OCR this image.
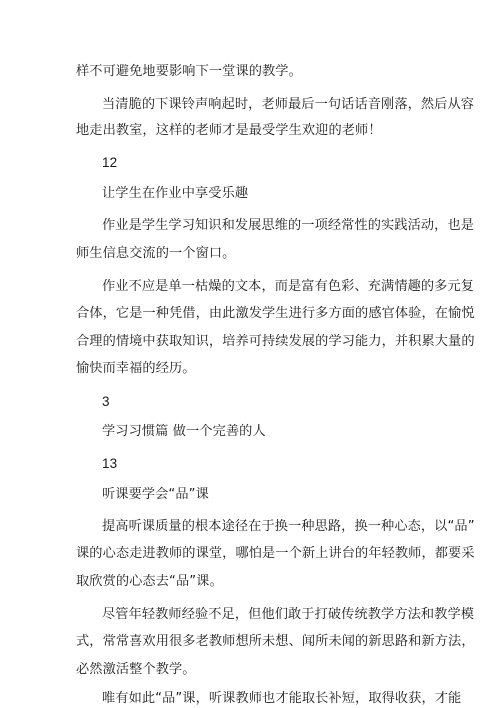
样不可避免地要影响下一堂课的教学。
当清脆的下课铃声响起时，老师最后一句话话音刚落，然后从容
地走出教室，这样的老师才是最受学生欢迎的老师！
12
让学生在作业中享受乐趣
作业是学生学习知识和发展思维的一项经常性的实践活动，也是
师生信息交流的一个窗口。
作业不应是单一枯燥的文本，而是富有色彩、充满情趣的多元复
合体，它是一种凭借，由此激发学生进行多方面的感官体验，在愉悦
合理的情境中获取知识，培养可持续发展的学习能力，并积累大量的
愉快而幸福的经历。
3
学习习惯篇 做一个完善的人
13
听课要学会“品”课
提高听课质量的根本途径在于换一种思路，换一种心态，以“品”
课的心态走进教师的课堂，哪怕是一个新上讲台的年轻教师，都要采
取欣赏的心态去“品”课。
尽管年轻教师经验不足，但他们敢于打破传统教学方法和教学模
式，常常喜欢用很多老教师想所未想、闻所未闻的新思路和新方法，
必然激活整个教学。
唯有如此“品”课，听课教师也才能取长补短，取得收获，才能
